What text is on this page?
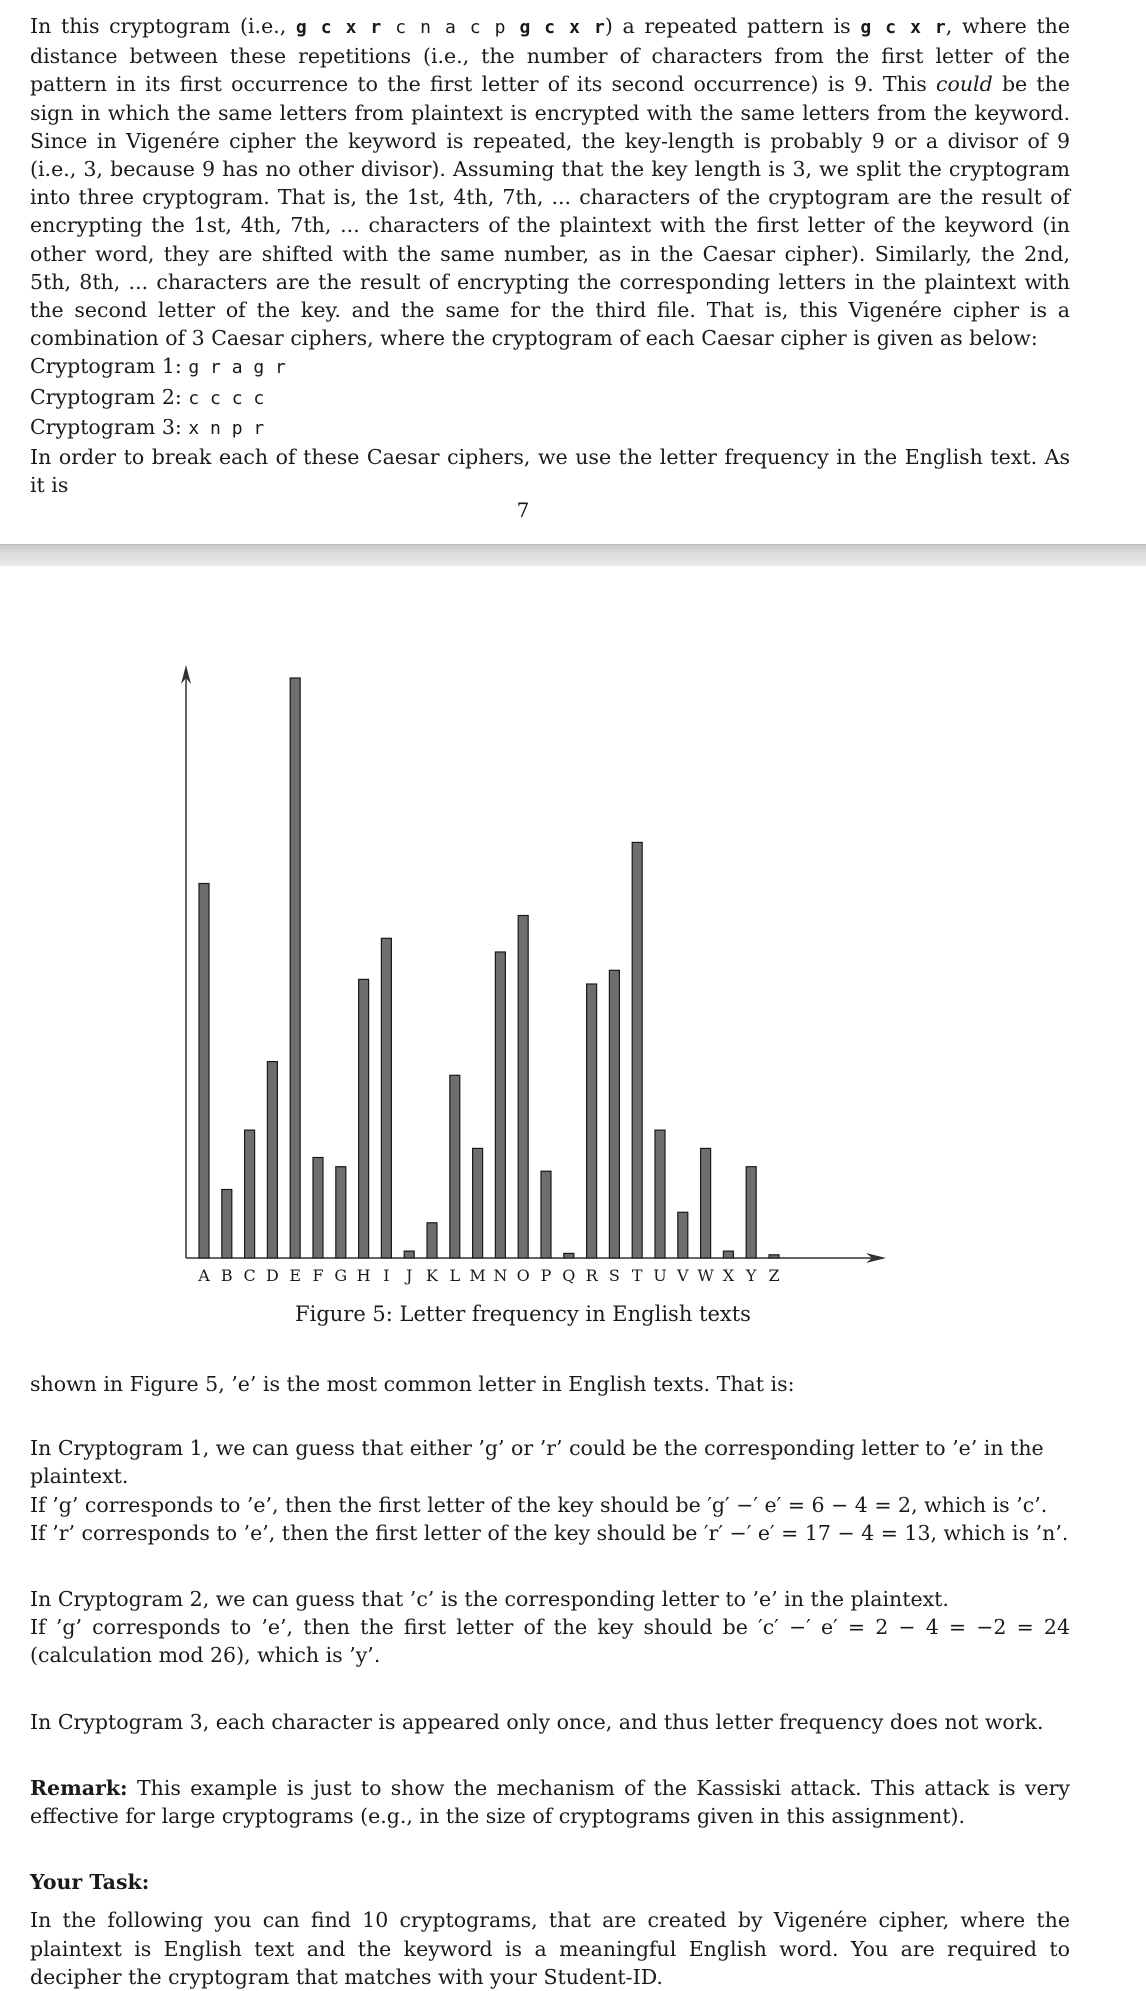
In this cryptogram (i.e., g c x r c n a c p g c x r) a repeated pattern is g c x r, where the distance between these repetitions (i.e., the number of characters from the first letter of the pattern in its first occurrence to the first letter of its second occurrence) is 9. This could be the sign in which the same letters from plaintext is encrypted with the same letters from the keyword. Since in Vigenére cipher the keyword is repeated, the key-length is probably 9 or a divisor of 9 (i.e., 3, because 9 has no other divisor). Assuming that the key length is 3, we split the cryptogram into three cryptogram. That is, the 1st, 4th, 7th, ... characters of the cryptogram are the result of encrypting the 1st, 4th, 7th, ... characters of the plaintext with the first letter of the keyword (in other word, they are shifted with the same number, as in the Caesar cipher). Similarly, the 2nd, 5th, 8th, ... characters are the result of encrypting the corresponding letters in the plaintext with the second letter of the key. and the same for the third file. That is, this Vigenére cipher is a combination of 3 Caesar ciphers, where the cryptogram of each Caesar cipher is given as below:

Cryptogram 1: g r a g r

Cryptogram 2: c c c c

Cryptogram 3: x n p r

In order to break each of these Caesar ciphers, we use the letter frequency in the English text. As it is

7
A B C D E F G H I J K L M N O P Q R S T U V W X Y Z
Figure 5: Letter frequency in English texts

shown in Figure 5, ’e’ is the most common letter in English texts. That is:

In Cryptogram 1, we can guess that either ’g’ or ’r’ could be the corresponding letter to ’e’ in the plaintext.

If ’g’ corresponds to ’e’, then the first letter of the key should be ′g′ −′ e′ = 6 − 4 = 2, which is ’c’.

If ’r’ corresponds to ’e’, then the first letter of the key should be ′r′ −′ e′ = 17 − 4 = 13, which is ’n’.

In Cryptogram 2, we can guess that ’c’ is the corresponding letter to ’e’ in the plaintext.

If ’g’ corresponds to ’e’, then the first letter of the key should be ′c′ −′ e′ = 2 − 4 = −2 = 24 (calculation mod 26), which is ’y’.

In Cryptogram 3, each character is appeared only once, and thus letter frequency does not work.

Remark: This example is just to show the mechanism of the Kassiski attack. This attack is very effective for large cryptograms (e.g., in the size of cryptograms given in this assignment).

Your Task:

In the following you can find 10 cryptograms, that are created by Vigenére cipher, where the plaintext is English text and the keyword is a meaningful English word. You are required to decipher the cryptogram that matches with your Student-ID.
